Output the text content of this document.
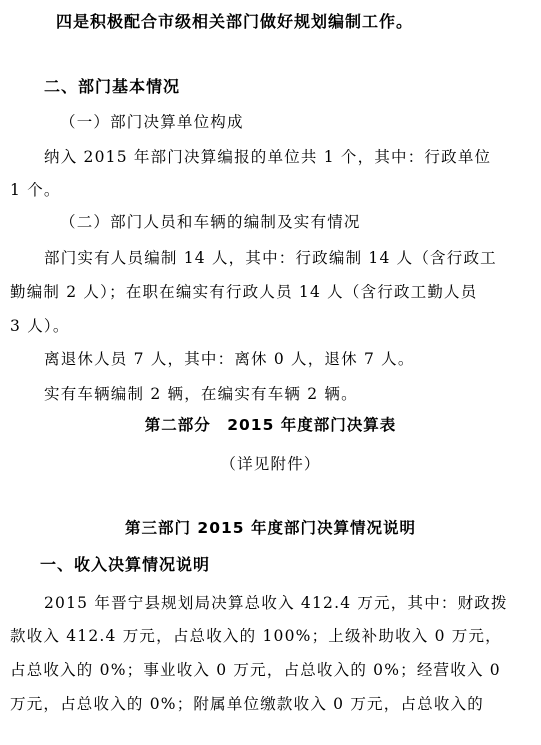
四是积极配合市级相关部门做好规划编制工作。
二、部门基本情况
（一）部门决算单位构成
纳入 2015 年部门决算编报的单位共 1 个，其中：行政单位
1 个。
（二）部门人员和车辆的编制及实有情况
部门实有人员编制 14 人，其中：行政编制 14 人（含行政工
勤编制 2 人）；在职在编实有行政人员 14 人（含行政工勤人员
3 人）。
离退休人员 7 人，其中：离休 0 人，退休 7 人。
实有车辆编制 2 辆，在编实有车辆 2 辆。
第二部分　2015 年度部门决算表
（详见附件）
第三部门 2015 年度部门决算情况说明
一、收入决算情况说明
2015 年晋宁县规划局决算总收入 412.4 万元，其中：财政拨
款收入 412.4 万元，占总收入的 100%；上级补助收入 0 万元，
占总收入的 0%；事业收入 0 万元，占总收入的 0%；经营收入 0
万元，占总收入的 0%；附属单位缴款收入 0 万元，占总收入的
